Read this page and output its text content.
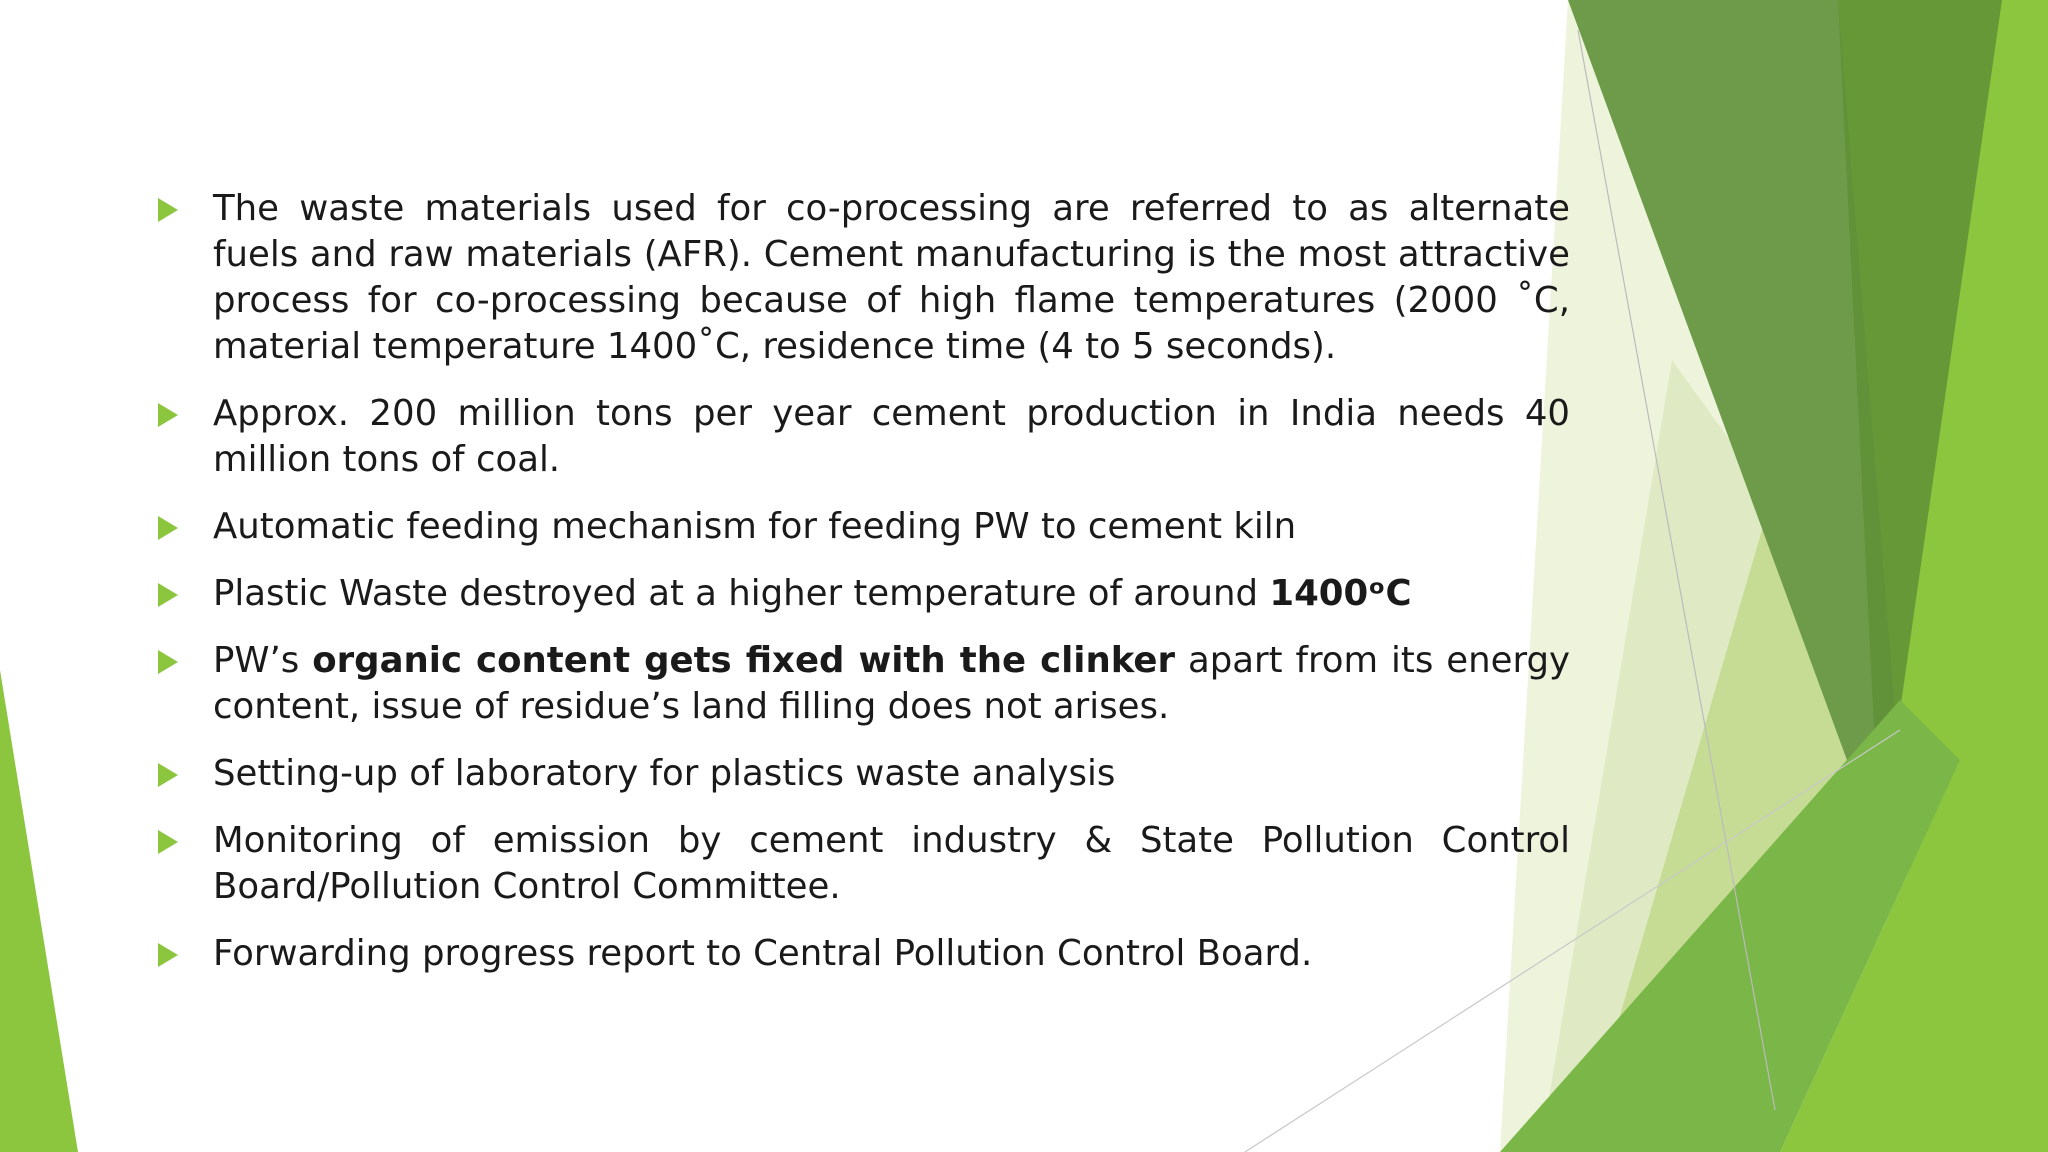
The waste materials used for co-processing are referred to as alternate fuels and raw materials (AFR). Cement manufacturing is the most attractive process for co-processing because of high flame temperatures (2000 ˚C, material temperature 1400˚C, residence time (4 to 5 seconds).
Approx. 200 million tons per year cement production in India needs 40 million tons of coal.
Automatic feeding mechanism for feeding PW to cement kiln
Plastic Waste destroyed at a higher temperature of around 1400ᵒC
PW’s organic content gets fixed with the clinker apart from its energy content, issue of residue’s land filling does not arises.
Setting-up of laboratory for plastics waste analysis
Monitoring of emission by cement industry & State Pollution Control Board/Pollution Control Committee.
Forwarding progress report to Central Pollution Control Board.
